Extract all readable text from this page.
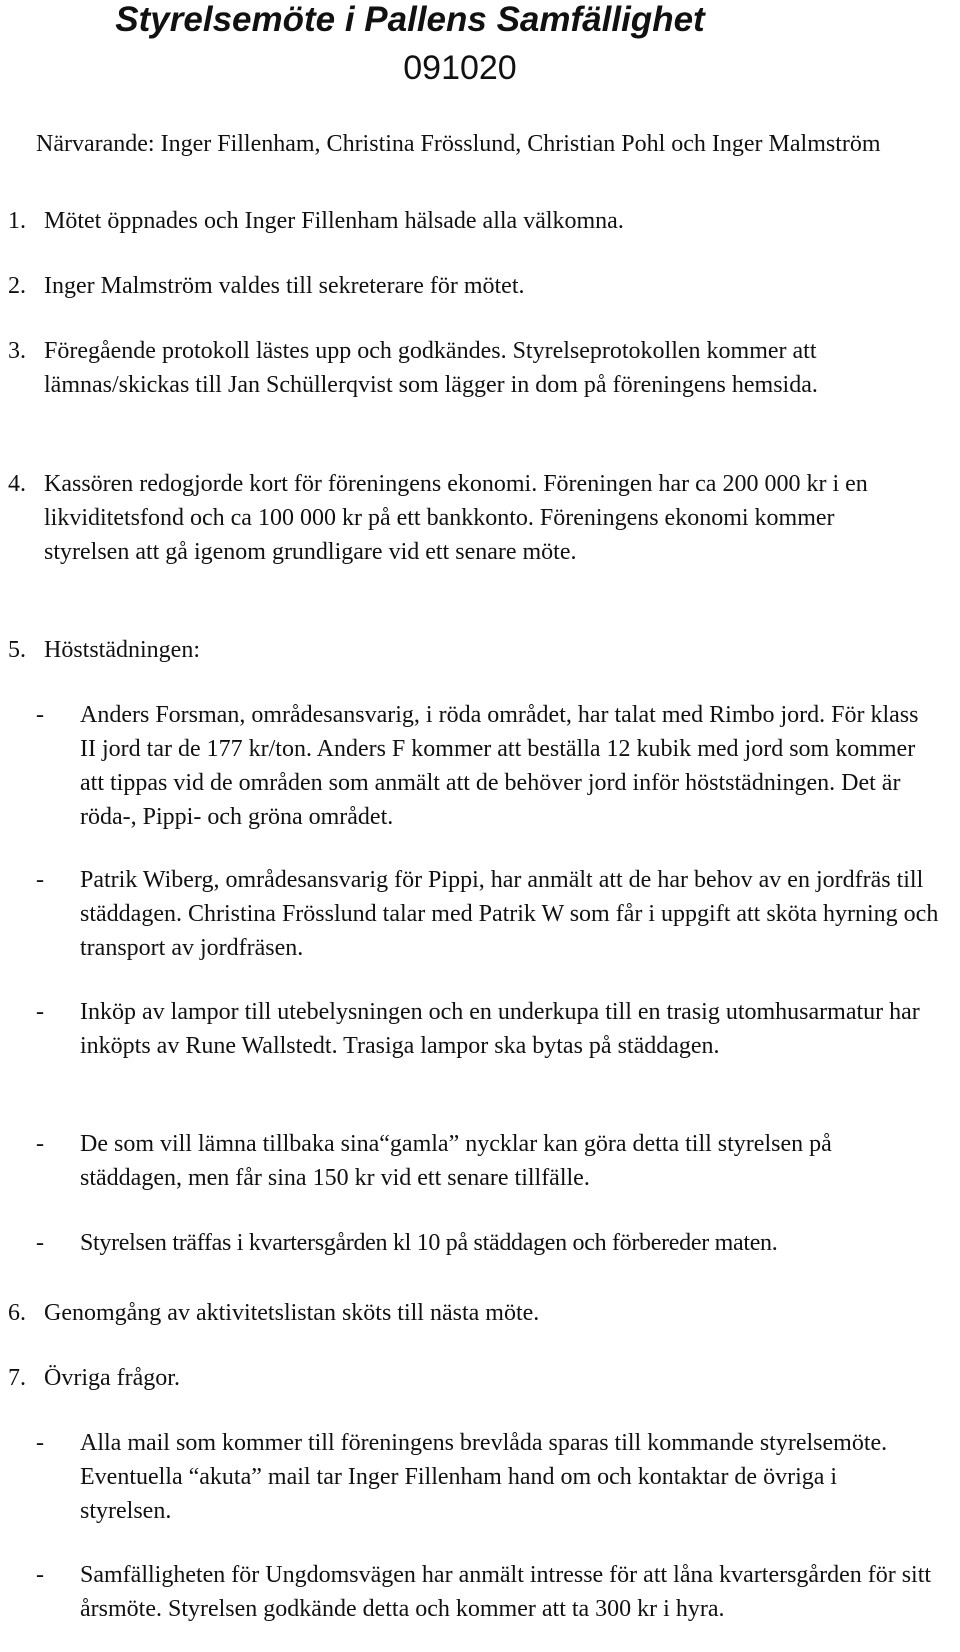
Styrelsemöte i Pallens Samfällighet
091020
Närvarande: Inger Fillenham, Christina Frösslund, Christian Pohl och Inger Malmström
1. Mötet öppnades och Inger Fillenham hälsade alla välkomna.
2. Inger Malmström valdes till sekreterare för mötet.
3. Föregående protokoll lästes upp och godkändes. Styrelseprotokollen kommer att lämnas/skickas till Jan Schüllerqvist som lägger in dom på föreningens hemsida.
4. Kassören redogjorde kort för föreningens ekonomi. Föreningen har ca 200 000 kr i en likviditetsfond och ca 100 000 kr på ett bankkonto. Föreningens ekonomi kommer styrelsen att gå igenom grundligare vid ett senare möte.
5. Höststädningen:
-	Anders Forsman, områdesansvarig, i röda området, har talat med Rimbo jord. För klass II jord tar de 177 kr/ton. Anders F kommer att beställa 12 kubik med jord som kommer att tippas vid de områden som anmält att de behöver jord inför höststädningen. Det är röda-, Pippi- och gröna området.
-	Patrik Wiberg, områdesansvarig för Pippi, har anmält att de har behov av en jordfräs till städdagen. Christina Frösslund talar med Patrik W som får i uppgift att sköta hyrning och transport av jordfräsen.
-	Inköp av lampor till utebelysningen och en underkupa till en trasig utomhusarmatur har inköpts av Rune Wallstedt. Trasiga lampor ska bytas på städdagen.
-	De som vill lämna tillbaka sina“gamla” nycklar kan göra detta till styrelsen på städdagen, men får sina 150 kr vid ett senare tillfälle.
-	Styrelsen träffas i kvartersgården kl 10 på städdagen och förbereder maten.
6. Genomgång av aktivitetslistan sköts till nästa möte.
7. Övriga frågor.
-	Alla mail som kommer till föreningens brevlåda sparas till kommande styrelsemöte. Eventuella “akuta” mail tar Inger Fillenham hand om och kontaktar de övriga i styrelsen.
-	Samfälligheten för Ungdomsvägen har anmält intresse för att låna kvartersgården för sitt årsmöte. Styrelsen godkände detta och kommer att ta 300 kr i hyra.
